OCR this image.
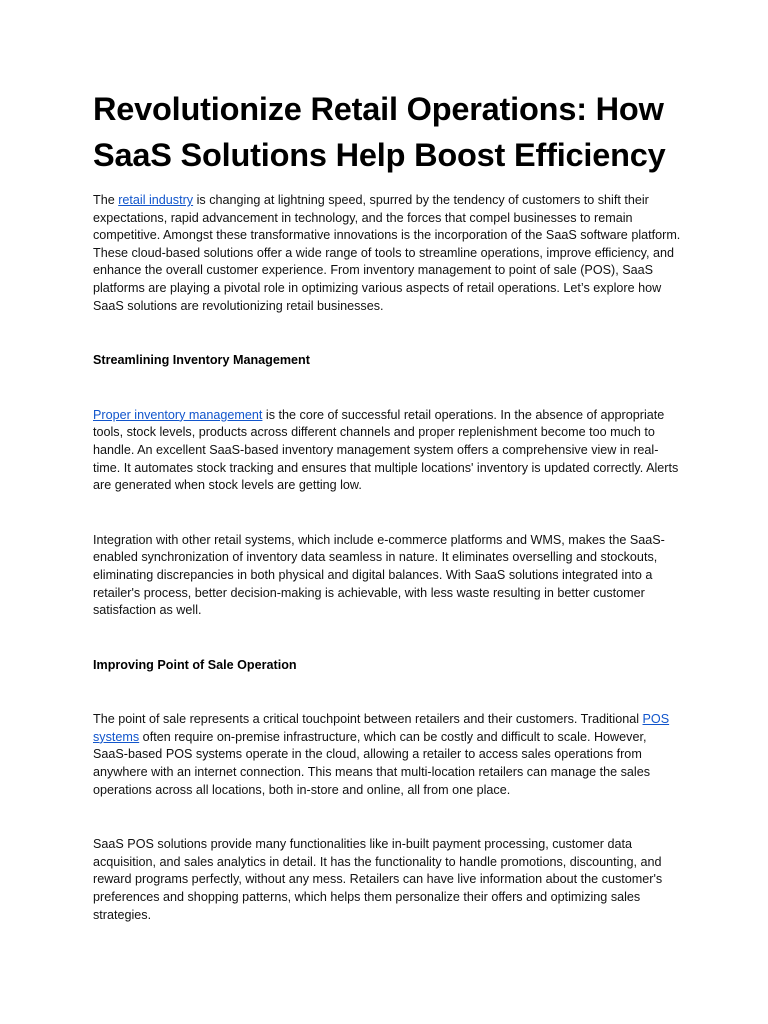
Revolutionize Retail Operations: How SaaS Solutions Help Boost Efficiency

The retail industry is changing at lightning speed, spurred by the tendency of customers to shift their expectations, rapid advancement in technology, and the forces that compel businesses to remain competitive. Amongst these transformative innovations is the incorporation of the SaaS software platform. These cloud-based solutions offer a wide range of tools to streamline operations, improve efficiency, and enhance the overall customer experience. From inventory management to point of sale (POS), SaaS platforms are playing a pivotal role in optimizing various aspects of retail operations. Let’s explore how SaaS solutions are revolutionizing retail businesses.

Streamlining Inventory Management

Proper inventory management is the core of successful retail operations. In the absence of appropriate tools, stock levels, products across different channels and proper replenishment become too much to handle. An excellent SaaS-based inventory management system offers a comprehensive view in real-time. It automates stock tracking and ensures that multiple locations' inventory is updated correctly. Alerts are generated when stock levels are getting low.

Integration with other retail systems, which include e-commerce platforms and WMS, makes the SaaS-enabled synchronization of inventory data seamless in nature. It eliminates overselling and stockouts, eliminating discrepancies in both physical and digital balances. With SaaS solutions integrated into a retailer's process, better decision-making is achievable, with less waste resulting in better customer satisfaction as well.

Improving Point of Sale Operation

The point of sale represents a critical touchpoint between retailers and their customers. Traditional POS systems often require on-premise infrastructure, which can be costly and difficult to scale. However, SaaS-based POS systems operate in the cloud, allowing a retailer to access sales operations from anywhere with an internet connection. This means that multi-location retailers can manage the sales operations across all locations, both in-store and online, all from one place.

SaaS POS solutions provide many functionalities like in-built payment processing, customer data acquisition, and sales analytics in detail. It has the functionality to handle promotions, discounting, and reward programs perfectly, without any mess. Retailers can have live information about the customer's preferences and shopping patterns, which helps them personalize their offers and optimizing sales strategies.
